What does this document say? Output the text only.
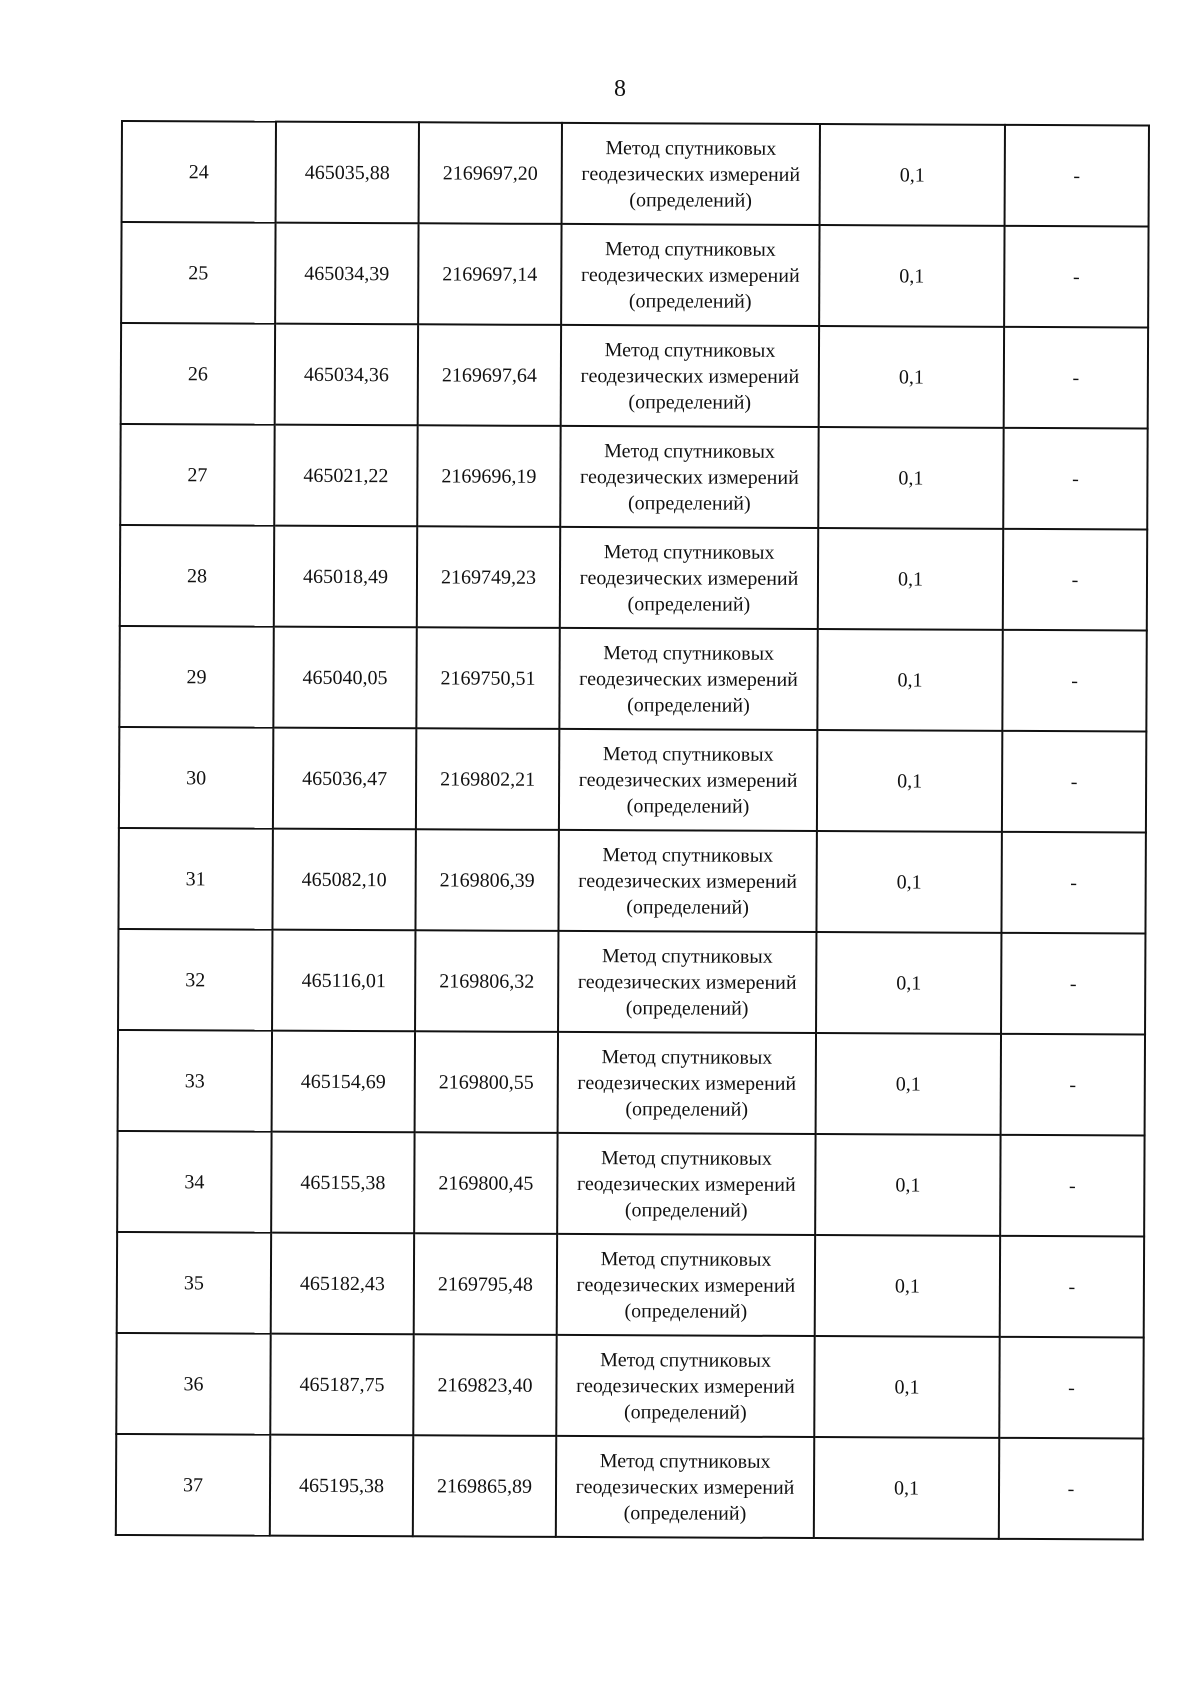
8
24	465035,88	2169697,20	Метод спутниковых
геодезических измерений
(определений)	0,1	-
25	465034,39	2169697,14	Метод спутниковых
геодезических измерений
(определений)	0,1	-
26	465034,36	2169697,64	Метод спутниковых
геодезических измерений
(определений)	0,1	-
27	465021,22	2169696,19	Метод спутниковых
геодезических измерений
(определений)	0,1	-
28	465018,49	2169749,23	Метод спутниковых
геодезических измерений
(определений)	0,1	-
29	465040,05	2169750,51	Метод спутниковых
геодезических измерений
(определений)	0,1	-
30	465036,47	2169802,21	Метод спутниковых
геодезических измерений
(определений)	0,1	-
31	465082,10	2169806,39	Метод спутниковых
геодезических измерений
(определений)	0,1	-
32	465116,01	2169806,32	Метод спутниковых
геодезических измерений
(определений)	0,1	-
33	465154,69	2169800,55	Метод спутниковых
геодезических измерений
(определений)	0,1	-
34	465155,38	2169800,45	Метод спутниковых
геодезических измерений
(определений)	0,1	-
35	465182,43	2169795,48	Метод спутниковых
геодезических измерений
(определений)	0,1	-
36	465187,75	2169823,40	Метод спутниковых
геодезических измерений
(определений)	0,1	-
37	465195,38	2169865,89	Метод спутниковых
геодезических измерений
(определений)	0,1	-
